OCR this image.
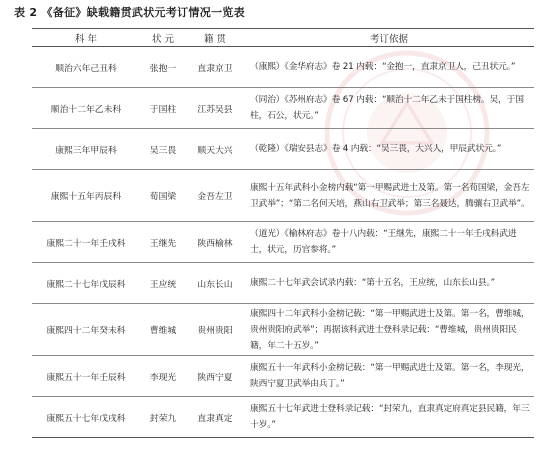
表 2 《备征》缺载籍贯武状元考订情况一览表
科 年	状 元	籍 贯	考订依据
顺治六年己丑科	张抱一	直隶京卫	（康熙）《金华府志》卷 21 内载：“金抱一，直隶京卫人，己丑状元。”
顺治十二年乙未科	于国柱	江苏吴县	（同治）《苏州府志》卷 67 内载：“顺治十二年乙未于国柱榜。吴，于国柱，石公，状元。”
康熙三年甲辰科	吴三畏	顺天大兴	（乾隆）《瑞安县志》卷 4 内载：“吴三畏，大兴人，甲辰武状元。”
康熙十五年丙辰科	荀国梁	金吾左卫	康熙十五年武科小金榜内载“第一甲赐武进士及第。第一名荀国梁，金吾左卫武举”；“第二名何天培，燕山右卫武举；第三名聂达，腾骧右卫武举”。
康熙二十一年壬戌科	王继先	陕西榆林	（道光）《榆林府志》卷十八内载：“王继先，康熙二十一年壬戌科武进士，状元，历官参将。”
康熙二十七年戊辰科	王应统	山东长山	康熙二十七年武会试录内载：“第十五名，王应统，山东长山县。”
康熙四十二年癸未科	曹维城	贵州贵阳	康熙四十二年武科小金榜记载：“第一甲赐武进士及第。第一名，曹维城，贵州贵阳府武举”；再据该科武进士登科录记载：“曹维城，贵州贵阳民籍，年二十五岁。”
康熙五十一年壬辰科	李现光	陕西宁夏	康熙五十一年武科小金榜记载：“第一甲赐武进士及第。第一名，李现光，陕西宁夏卫武举由兵丁。”
康熙五十七年戊戌科	封荣九	直隶真定	康熙五十七年武进士登科录记载：“封荣九，直隶真定府真定县民籍，年三十岁。”
